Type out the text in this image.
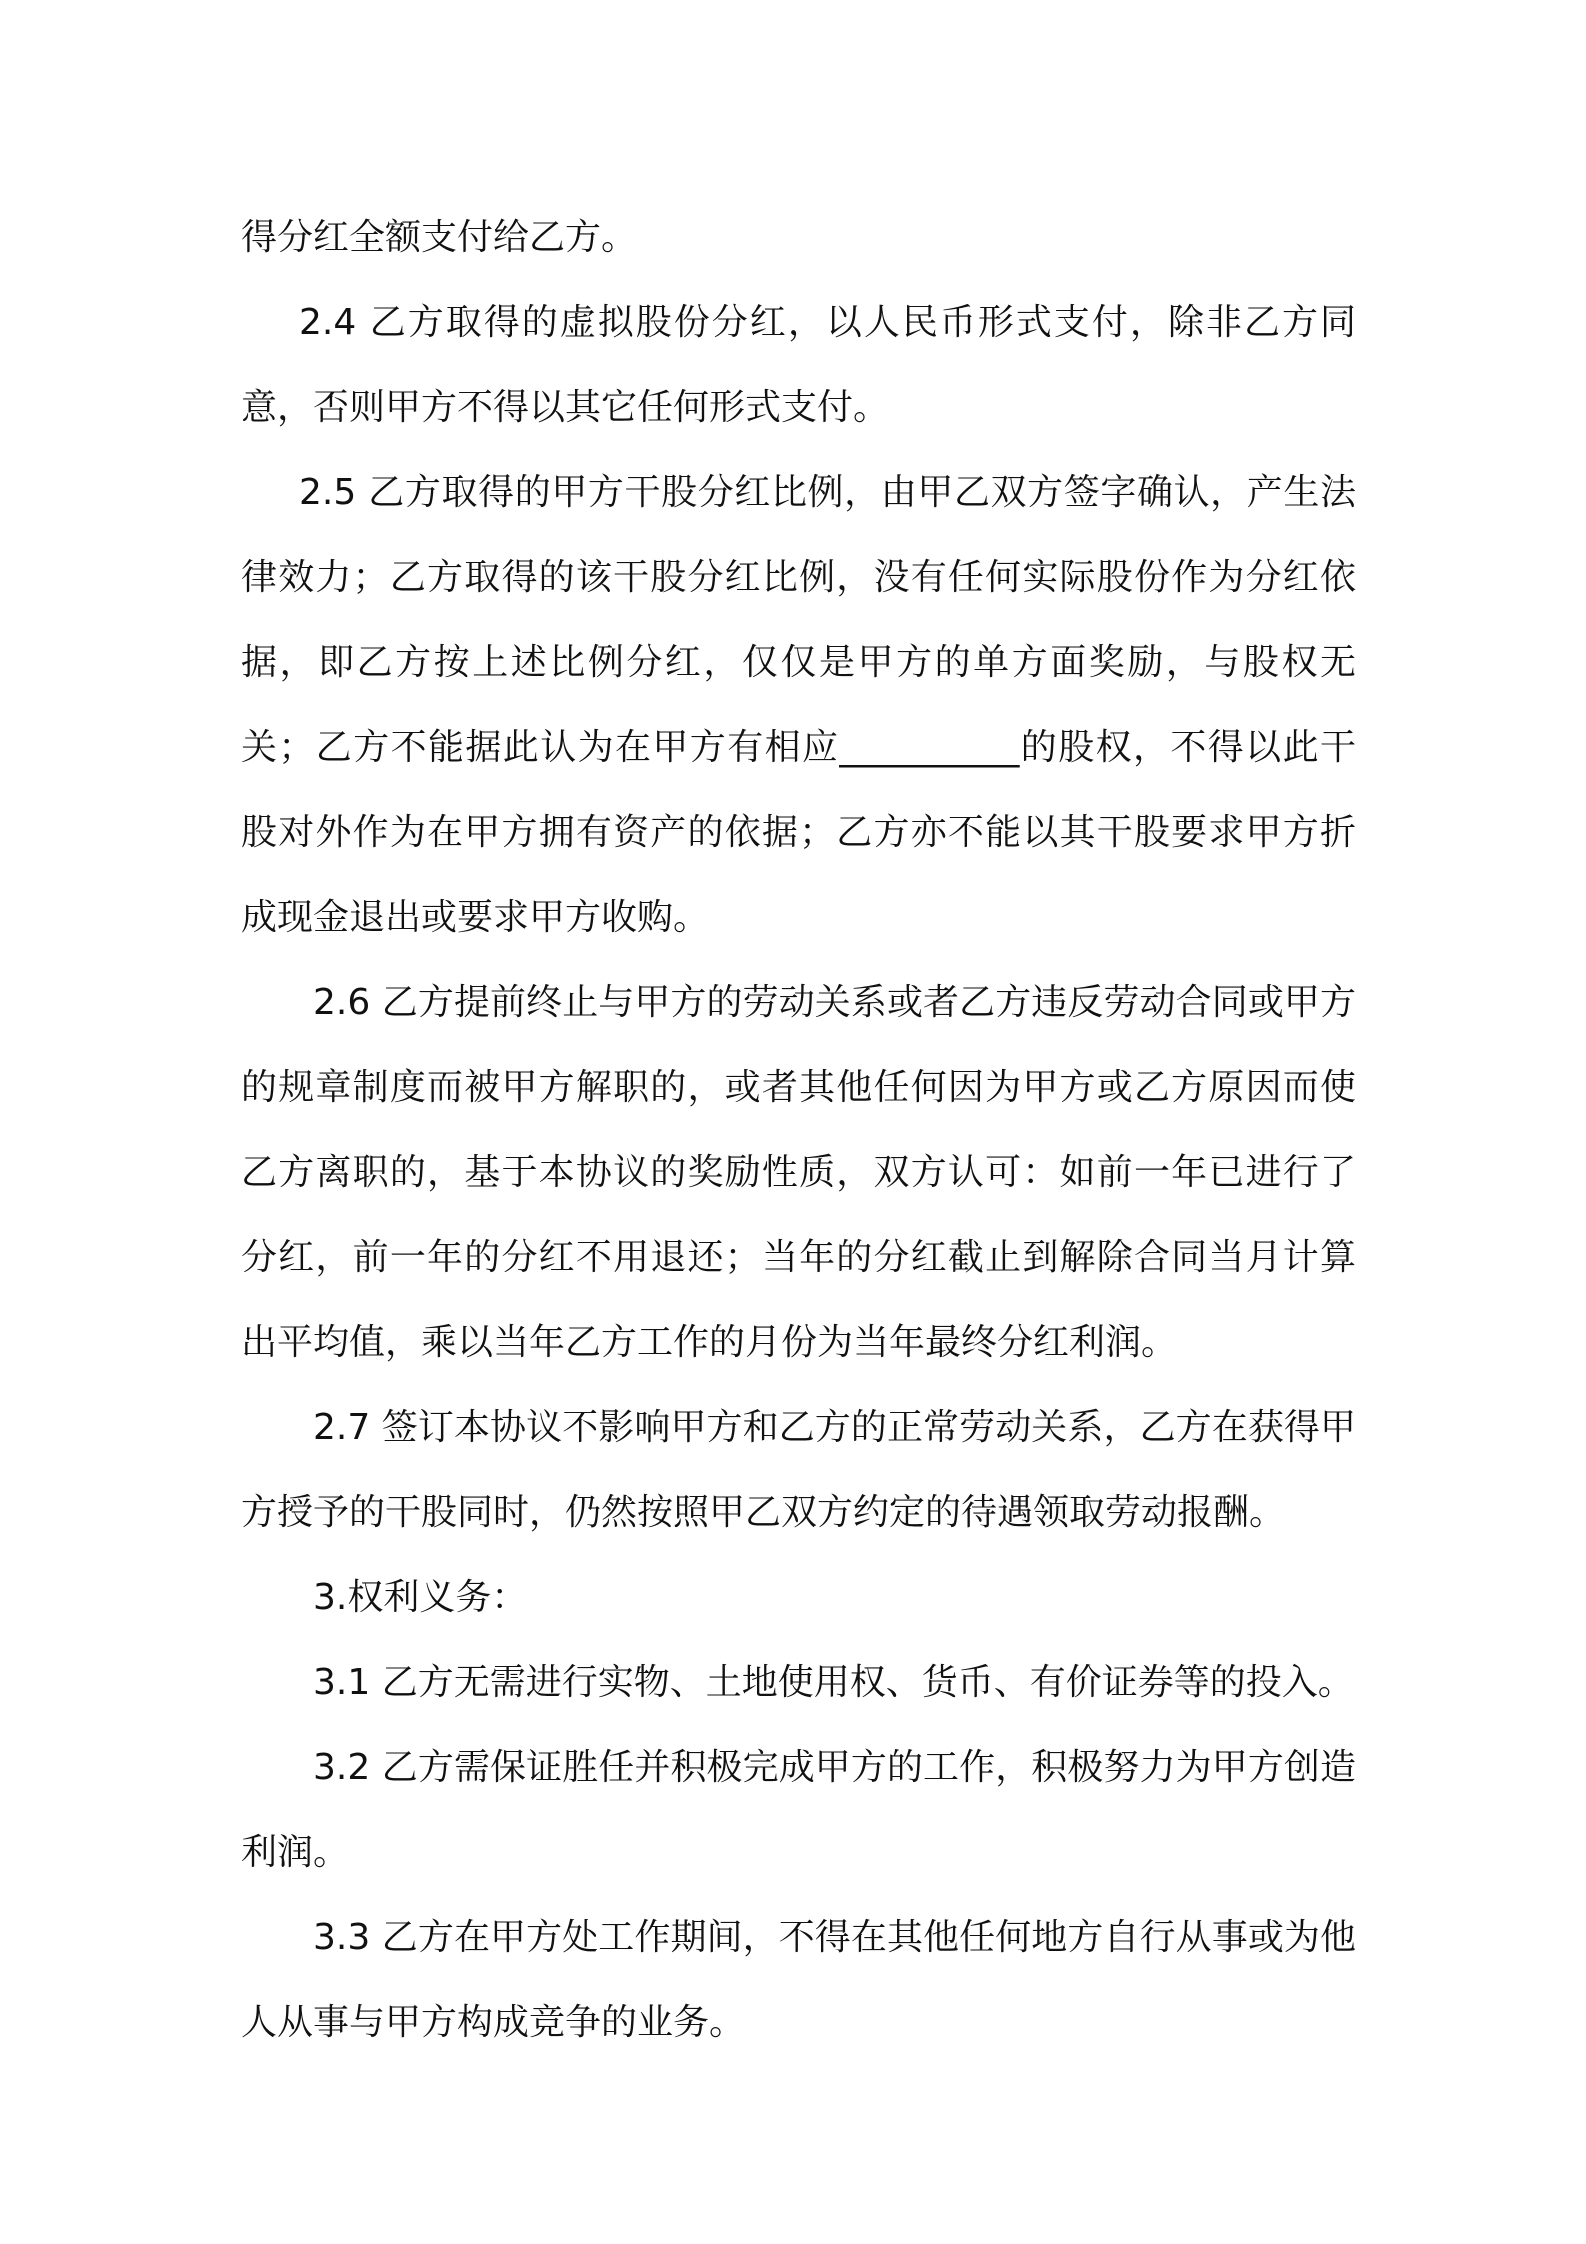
得分红全额支付给乙方。

2.4 乙方取得的虚拟股份分红，以人民币形式支付，除非乙方同意，否则甲方不得以其它任何形式支付。

2.5 乙方取得的甲方干股分红比例，由甲乙双方签字确认，产生法律效力；乙方取得的该干股分红比例，没有任何实际股份作为分红依据，即乙方按上述比例分红，仅仅是甲方的单方面奖励，与股权无关；乙方不能据此认为在甲方有相应__________的股权，不得以此干股对外作为在甲方拥有资产的依据；乙方亦不能以其干股要求甲方折成现金退出或要求甲方收购。

2.6 乙方提前终止与甲方的劳动关系或者乙方违反劳动合同或甲方的规章制度而被甲方解职的，或者其他任何因为甲方或乙方原因而使乙方离职的，基于本协议的奖励性质，双方认可：如前一年已进行了分红，前一年的分红不用退还；当年的分红截止到解除合同当月计算出平均值，乘以当年乙方工作的月份为当年最终分红利润。

2.7 签订本协议不影响甲方和乙方的正常劳动关系，乙方在获得甲方授予的干股同时，仍然按照甲乙双方约定的待遇领取劳动报酬。

3.权利义务：

3.1 乙方无需进行实物、土地使用权、货币、有价证券等的投入。

3.2 乙方需保证胜任并积极完成甲方的工作，积极努力为甲方创造利润。

3.3 乙方在甲方处工作期间，不得在其他任何地方自行从事或为他人从事与甲方构成竞争的业务。
